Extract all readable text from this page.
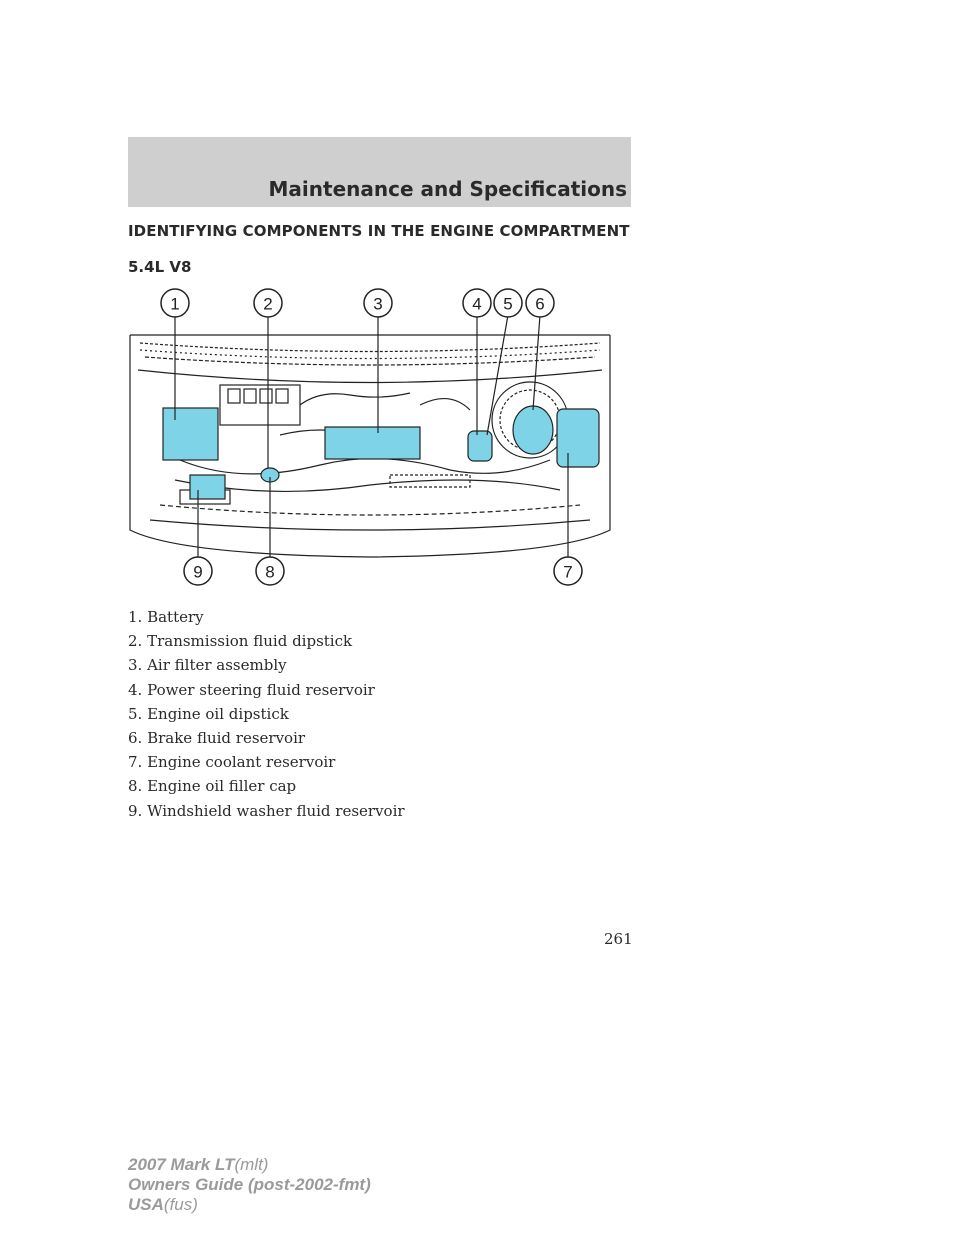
Maintenance and Specifications
IDENTIFYING COMPONENTS IN THE ENGINE COMPARTMENT
5.4L V8
1	2	3	4 5 6
7
8
9
1. Battery
2. Transmission fluid dipstick
3. Air filter assembly
4. Power steering fluid reservoir
5. Engine oil dipstick
6. Brake fluid reservoir
7. Engine coolant reservoir
8. Engine oil filler cap
9. Windshield washer fluid reservoir
261
2007 Mark LT(mlt)
Owners Guide (post-2002-fmt)
USA(fus)
